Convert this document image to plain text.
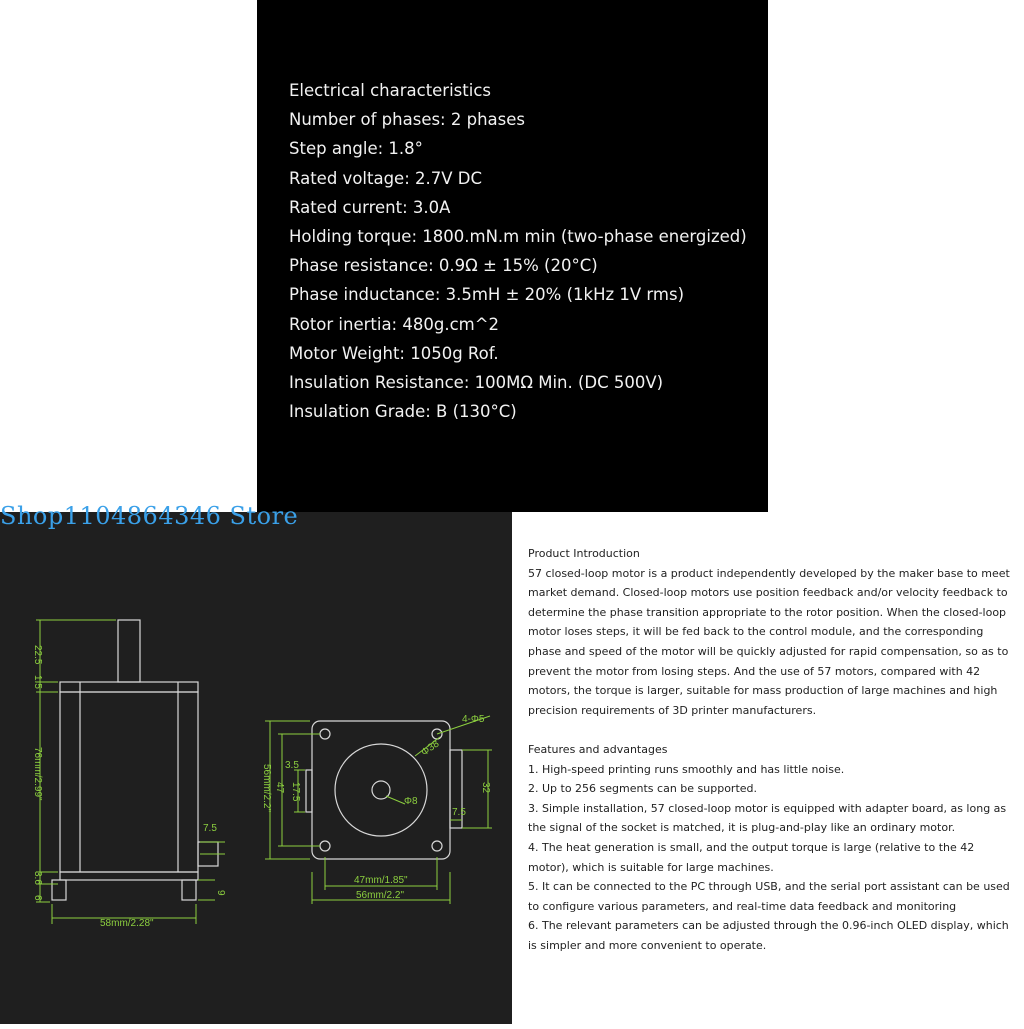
Electrical characteristics
Number of phases: 2 phases
Step angle: 1.8°
Rated voltage: 2.7V DC
Rated current: 3.0A
Holding torque: 1800.mN.m min (two-phase energized)
Phase resistance: 0.9Ω ± 15% (20°C)
Phase inductance: 3.5mH ± 20% (1kHz 1V rms)
Rotor inertia: 480g.cm^2
Motor Weight: 1050g Rof.
Insulation Resistance: 100MΩ Min. (DC 500V)
Insulation Grade: B (130°C)
22.5
1.5
76mm/2.99"
7.5
3.6
6
9
58mm/2.28"
4-Φ5
Φ38
Φ8
56mm/2.2" 47
3.5
17.5	32
7.5
47mm/1.85"
56mm/2.2"

Product Introduction

57 closed-loop motor is a product independently developed by the maker base to meet market demand. Closed-loop motors use position feedback and/or velocity feedback to determine the phase transition appropriate to the rotor position. When the closed-loop motor loses steps, it will be fed back to the control module, and the corresponding phase and speed of the motor will be quickly adjusted for rapid compensation, so as to prevent the motor from losing steps. And the use of 57 motors, compared with 42 motors, the torque is larger, suitable for mass production of large machines and high precision requirements of 3D printer manufacturers.

Features and advantages

1. High-speed printing runs smoothly and has little noise.

2. Up to 256 segments can be supported.

3. Simple installation, 57 closed-loop motor is equipped with adapter board, as long as the signal of the socket is matched, it is plug-and-play like an ordinary motor.

4. The heat generation is small, and the output torque is large (relative to the 42 motor), which is suitable for large machines.

5. It can be connected to the PC through USB, and the serial port assistant can be used to configure various parameters, and real-time data feedback and monitoring

6. The relevant parameters can be adjusted through the 0.96-inch OLED display, which is simpler and more convenient to operate.

Shop1104864346 Store
